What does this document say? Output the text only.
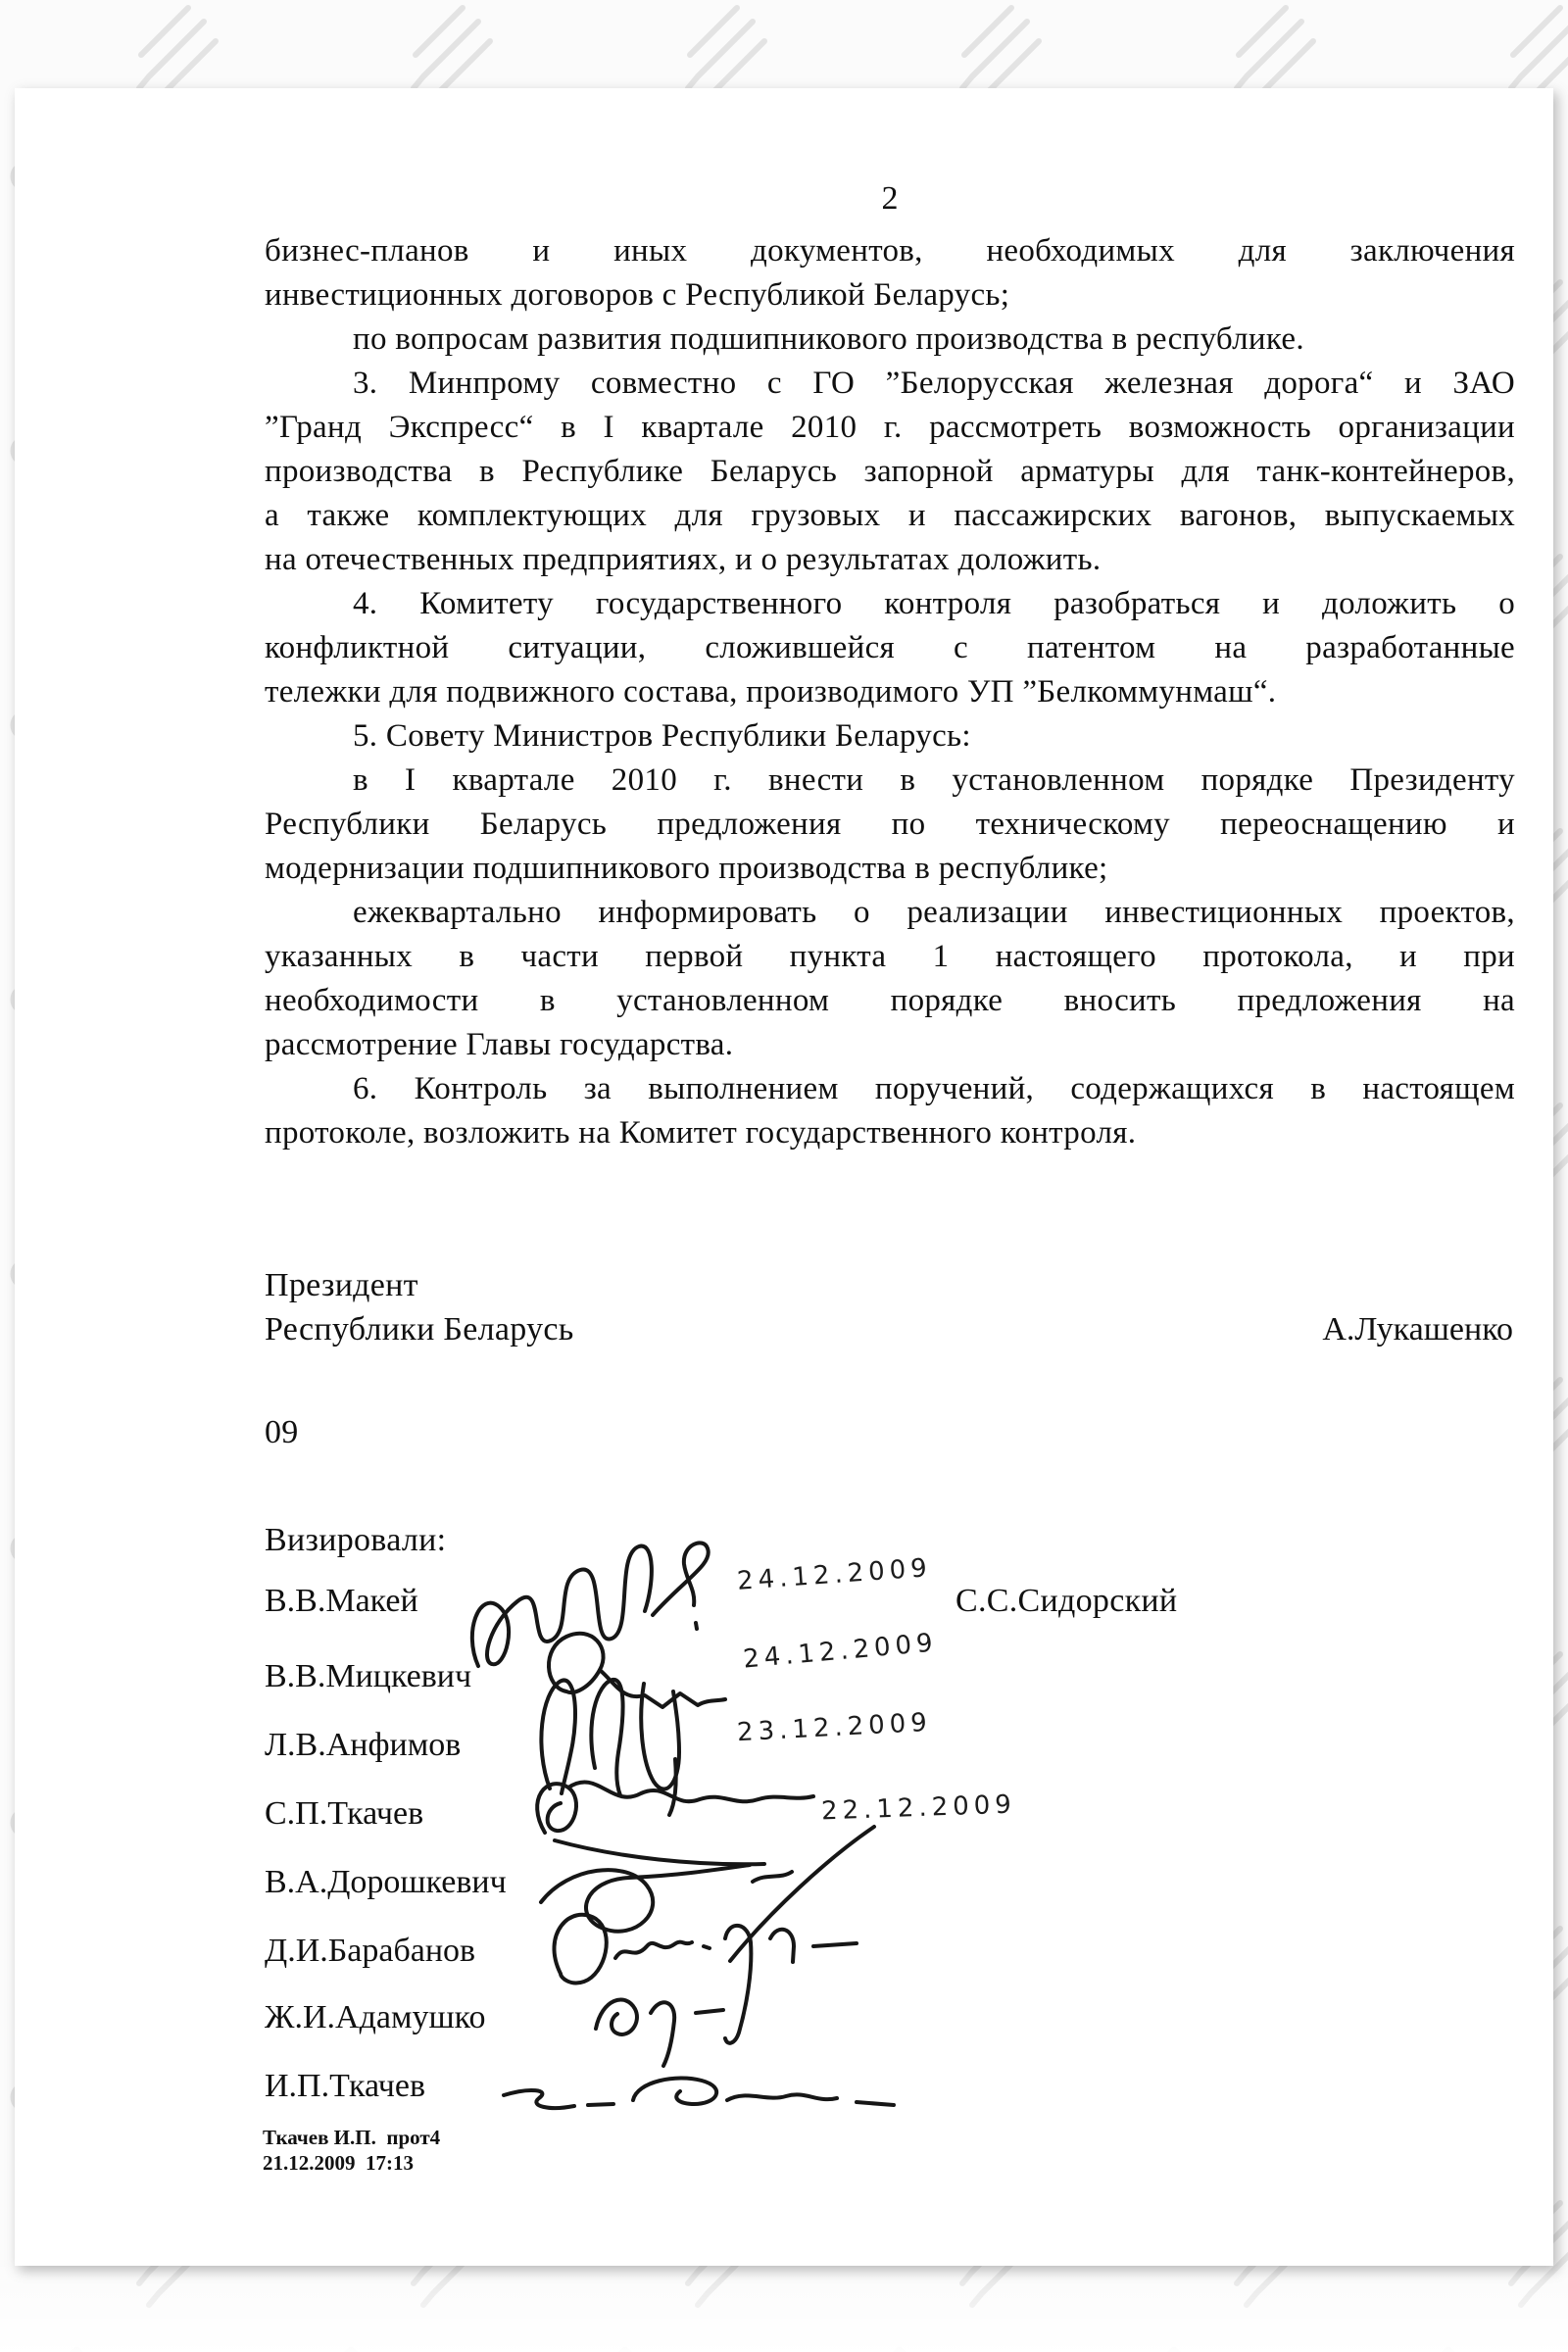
2
бизнес-планов и иных документов, необходимых для заключения
инвестиционных договоров с Республикой Беларусь;
по вопросам развития подшипникового производства в республике.
3. Минпрому совместно с ГО ”Белорусская железная дорога“ и ЗАО
”Гранд Экспресс“ в I квартале 2010 г. рассмотреть возможность организации
производства в Республике Беларусь запорной арматуры для танк-контейнеров,
а также комплектующих для грузовых и пассажирских вагонов, выпускаемых
на отечественных предприятиях, и о результатах доложить.
4. Комитету государственного контроля разобраться и доложить о
конфликтной ситуации, сложившейся с патентом на разработанные
тележки для подвижного состава, производимого УП ”Белкоммунмаш“.
5. Совету Министров Республики Беларусь:
в I квартале 2010 г. внести в установленном порядке Президенту
Республики Беларусь предложения по техническому переоснащению и
модернизации подшипникового производства в республике;
ежеквартально информировать о реализации инвестиционных проектов,
указанных в части первой пункта 1 настоящего протокола, и при
необходимости в установленном порядке вносить предложения на
рассмотрение Главы государства.
6. Контроль за выполнением поручений, содержащихся в настоящем
протоколе, возложить на Комитет государственного контроля.
Президент
Республики Беларусь	А.Лукашенко
09
Визировали:
В.В.Макей
В.В.Мицкевич
Л.В.Анфимов
С.П.Ткачев
В.А.Дорошкевич
Д.И.Барабанов
Ж.И.Адамушко
И.П.Ткачев
С.С.Сидорский
24.12.2009
24.12.2009
23.12.2009
22.12.2009
Ткачев И.П.  прот4
21.12.2009  17:13
